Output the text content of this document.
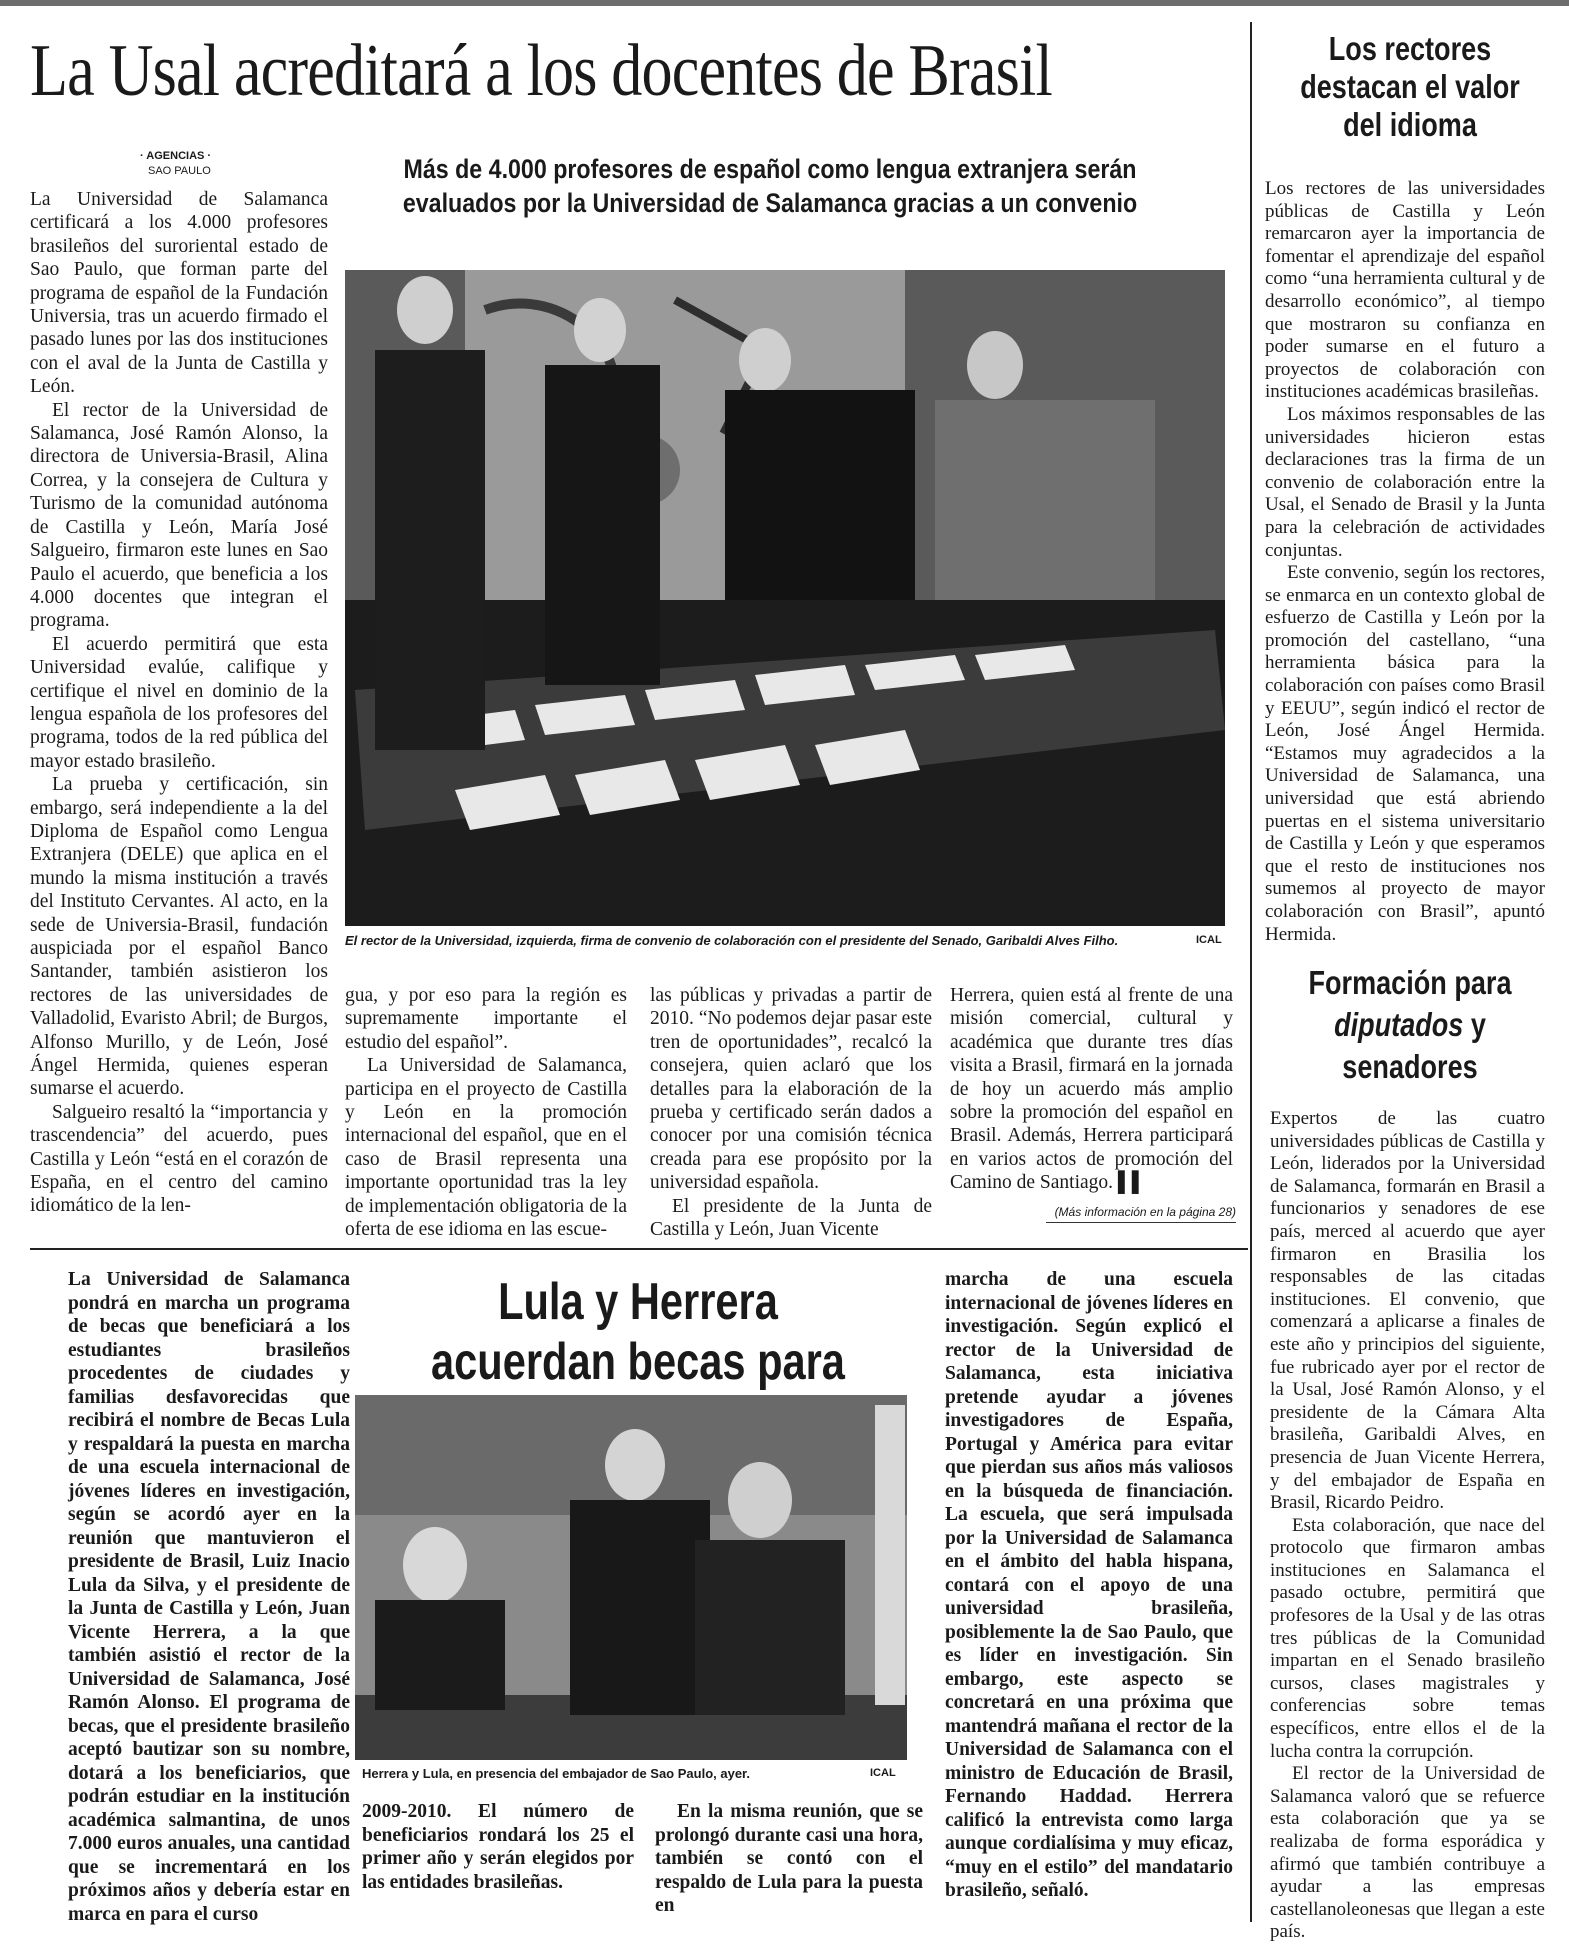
La Usal acreditará a los docentes de Brasil
· AGENCIAS ·
SAO PAULO	Más de 4.000 profesores de español como lengua extranjera serán evaluados por la Universidad de Salamanca gracias a un convenio
El rector de la Universidad, izquierda, firma de convenio de colaboración con el presidente del Senado, Garibaldi Alves Filho.	ICAL

La Universidad de Salamanca certificará a los 4.000 profesores brasileños del suroriental estado de Sao Paulo, que forman parte del programa de español de la Fundación Universia, tras un acuerdo firmado el pasado lunes por las dos instituciones con el aval de la Junta de Castilla y León.

El rector de la Universidad de Salamanca, José Ramón Alonso, la directora de Universia-Brasil, Alina Correa, y la consejera de Cultura y Turismo de la comunidad autónoma de Castilla y León, María José Salgueiro, firmaron este lunes en Sao Paulo el acuerdo, que beneficia a los 4.000 docentes que integran el programa.

El acuerdo permitirá que esta Universidad evalúe, califique y certifique el nivel en dominio de la lengua española de los profesores del programa, todos de la red pública del mayor estado brasileño.

La prueba y certificación, sin embargo, será independiente a la del Diploma de Español como Lengua Extranjera (DELE) que aplica en el mundo la misma institución a través del Instituto Cervantes. Al acto, en la sede de Universia-Brasil, fundación auspiciada por el español Banco Santander, también asistieron los rectores de las universidades de Valladolid, Evaristo Abril; de Burgos, Alfonso Murillo, y de León, José Ángel Hermida, quienes esperan sumarse el acuerdo.

Salgueiro resaltó la “importancia y trascendencia” del acuerdo, pues Castilla y León “está en el corazón de España, en el centro del camino idiomático de la len-

gua, y por eso para la región es supremamente importante el estudio del español”.

La Universidad de Salamanca, participa en el proyecto de Castilla y León en la promoción internacional del español, que en el caso de Brasil representa una importante oportunidad tras la ley de implementación obligatoria de la oferta de ese idioma en las escue-

las públicas y privadas a partir de 2010. “No podemos dejar pasar este tren de oportunidades”, recalcó la consejera, quien aclaró que los detalles para la elaboración de la prueba y certificado serán dados a conocer por una comisión técnica creada para ese propósito por la universidad española.

El presidente de la Junta de Castilla y León, Juan Vicente

Herrera, quien está al frente de una misión comercial, cultural y académica que durante tres días visita a Brasil, firmará en la jornada de hoy un acuerdo más amplio sobre la promoción del español en Brasil. Además, Herrera participará en varios actos de promoción del Camino de Santiago. ▌▌

(Más información en la página 28)
Los rectores destacan el valor del idioma

Los rectores de las universidades públicas de Castilla y León remarcaron ayer la importancia de fomentar el aprendizaje del español como “una herramienta cultural y de desarrollo económico”, al tiempo que mostraron su confianza en poder sumarse en el futuro a proyectos de colaboración con instituciones académicas brasileñas.

Los máximos responsables de las universidades hicieron estas declaraciones tras la firma de un convenio de colaboración entre la Usal, el Senado de Brasil y la Junta para la celebración de actividades conjuntas.

Este convenio, según los rectores, se enmarca en un contexto global de esfuerzo de Castilla y León por la promoción del castellano, “una herramienta básica para la colaboración con países como Brasil y EEUU”, según indicó el rector de León, José Ángel Hermida. “Estamos muy agradecidos a la Universidad de Salamanca, una universidad que está abriendo puertas en el sistema universitario de Castilla y León y que esperamos que el resto de instituciones nos sumemos al proyecto de mayor colaboración con Brasil”, apuntó Hermida.

Formación para
diputados y
senadores

Expertos de las cuatro universidades públicas de Castilla y León, liderados por la Universidad de Salamanca, formarán en Brasil a funcionarios y senadores de ese país, merced al acuerdo que ayer firmaron en Brasilia los responsables de las citadas instituciones. El convenio, que comenzará a aplicarse a finales de este año y principios del siguiente, fue rubricado ayer por el rector de la Usal, José Ramón Alonso, y el presidente de la Cámara Alta brasileña, Garibaldi Alves, en presencia de Juan Vicente Herrera, y del embajador de España en Brasil, Ricardo Peidro.

Esta colaboración, que nace del protocolo que firmaron ambas instituciones en Salamanca el pasado octubre, permitirá que profesores de la Usal y de las otras tres públicas de la Comunidad impartan en el Senado brasileño cursos, clases magistrales y conferencias sobre temas específicos, entre ellos el de la lucha contra la corrupción.

El rector de la Universidad de Salamanca valoró que se refuerce esta colaboración que ya se realizaba de forma esporádica y afirmó que también contribuye a ayudar a las empresas castellanoleonesas que llegan a este país.

La Universidad de Salamanca pondrá en marcha un programa de becas que beneficiará a los estudiantes brasileños procedentes de ciudades y familias desfavorecidas que recibirá el nombre de Becas Lula y respaldará la puesta en marcha de una escuela internacional de jóvenes líderes en investigación, según se acordó ayer en la reunión que mantuvieron el presidente de Brasil, Luiz Inacio Lula da Silva, y el presidente de la Junta de Castilla y León, Juan Vicente Herrera, a la que también asistió el rector de la Universidad de Salamanca, José Ramón Alonso. El programa de becas, que el presidente brasileño aceptó bautizar son su nombre, dotará a los beneficiarios, que podrán estudiar en la institución académica salmantina, de unos 7.000 euros anuales, una cantidad que se incrementará en los próximos años y debería estar en marca en para el curso

Lula y Herrera acuerdan becas para
Herrera y Lula, en presencia del embajador de Sao Paulo, ayer.	ICAL

2009-2010. El número de beneficiarios rondará los 25 el primer año y serán elegidos por las entidades brasileñas.

En la misma reunión, que se prolongó durante casi una hora, también se contó con el respaldo de Lula para la puesta en

marcha de una escuela internacional de jóvenes líderes en investigación. Según explicó el rector de la Universidad de Salamanca, esta iniciativa pretende ayudar a jóvenes investigadores de España, Portugal y América para evitar que pierdan sus años más valiosos en la búsqueda de financiación. La escuela, que será impulsada por la Universidad de Salamanca en el ámbito del habla hispana, contará con el apoyo de una universidad brasileña, posiblemente la de Sao Paulo, que es líder en investigación. Sin embargo, este aspecto se concretará en una próxima que mantendrá mañana el rector de la Universidad de Salamanca con el ministro de Educación de Brasil, Fernando Haddad. Herrera calificó la entrevista como larga aunque cordialísima y muy eficaz, “muy en el estilo” del mandatario brasileño, señaló.
